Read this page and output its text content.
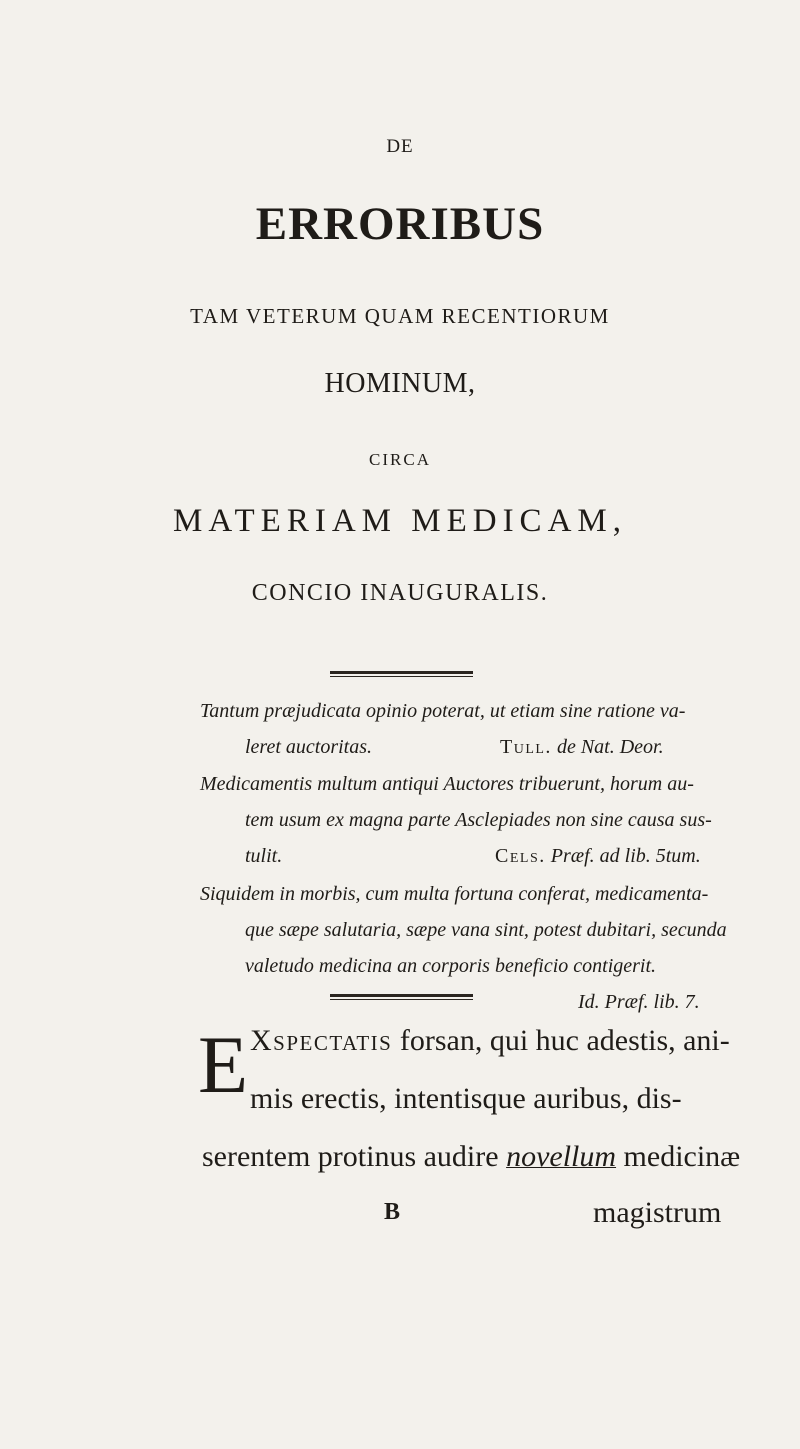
DE
ERRORIBUS
TAM VETERUM QUAM RECENTIORUM
HOMINUM,
CIRCA
MATERIAM MEDICAM,
CONCIO INAUGURALIS.
Tantum præjudicata opinio poterat, ut etiam sine ratione va-
leret auctoritas.	Tull. de Nat. Deor.
Medicamentis multum antiqui Auctores tribuerunt, horum au-
tem usum ex magna parte Asclepiades non sine causa sus-
tulit.	Cels. Præf. ad lib. 5tum.
Siquidem in morbis, cum multa fortuna conferat, medicamenta-
que sæpe salutaria, sæpe vana sint, potest dubitari, secunda
valetudo medicina an corporis beneficio contigerit.
Id. Præf. lib. 7.
E Xspectatis forsan, qui huc adestis, ani-
mis erectis, intentisque auribus, dis-
serentem protinus audire novellum medicinæ
B	magistrum
